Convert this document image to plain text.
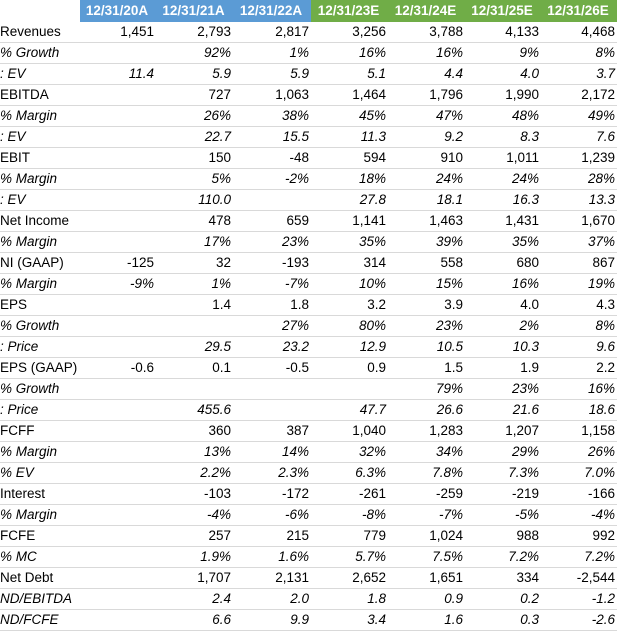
	12/31/20A	12/31/21A	12/31/22A	12/31/23E	12/31/24E	12/31/25E	12/31/26E
Revenues	1,451	2,793	2,817	3,256	3,788	4,133	4,468
% Growth		92%	1%	16%	16%	9%	8%
: EV	11.4	5.9	5.9	5.1	4.4	4.0	3.7
EBITDA		727	1,063	1,464	1,796	1,990	2,172
% Margin		26%	38%	45%	47%	48%	49%
: EV		22.7	15.5	11.3	9.2	8.3	7.6
EBIT		150	-48	594	910	1,011	1,239
% Margin		5%	-2%	18%	24%	24%	28%
: EV		110.0		27.8	18.1	16.3	13.3
Net Income		478	659	1,141	1,463	1,431	1,670
% Margin		17%	23%	35%	39%	35%	37%
NI (GAAP)	-125	32	-193	314	558	680	867
% Margin	-9%	1%	-7%	10%	15%	16%	19%
EPS		1.4	1.8	3.2	3.9	4.0	4.3
% Growth			27%	80%	23%	2%	8%
: Price		29.5	23.2	12.9	10.5	10.3	9.6
EPS (GAAP)	-0.6	0.1	-0.5	0.9	1.5	1.9	2.2
% Growth					79%	23%	16%
: Price		455.6		47.7	26.6	21.6	18.6
FCFF		360	387	1,040	1,283	1,207	1,158
% Margin		13%	14%	32%	34%	29%	26%
% EV		2.2%	2.3%	6.3%	7.8%	7.3%	7.0%
Interest		-103	-172	-261	-259	-219	-166
% Margin		-4%	-6%	-8%	-7%	-5%	-4%
FCFE		257	215	779	1,024	988	992
% MC		1.9%	1.6%	5.7%	7.5%	7.2%	7.2%
Net Debt		1,707	2,131	2,652	1,651	334	-2,544
ND/EBITDA		2.4	2.0	1.8	0.9	0.2	-1.2
ND/FCFE		6.6	9.9	3.4	1.6	0.3	-2.6
